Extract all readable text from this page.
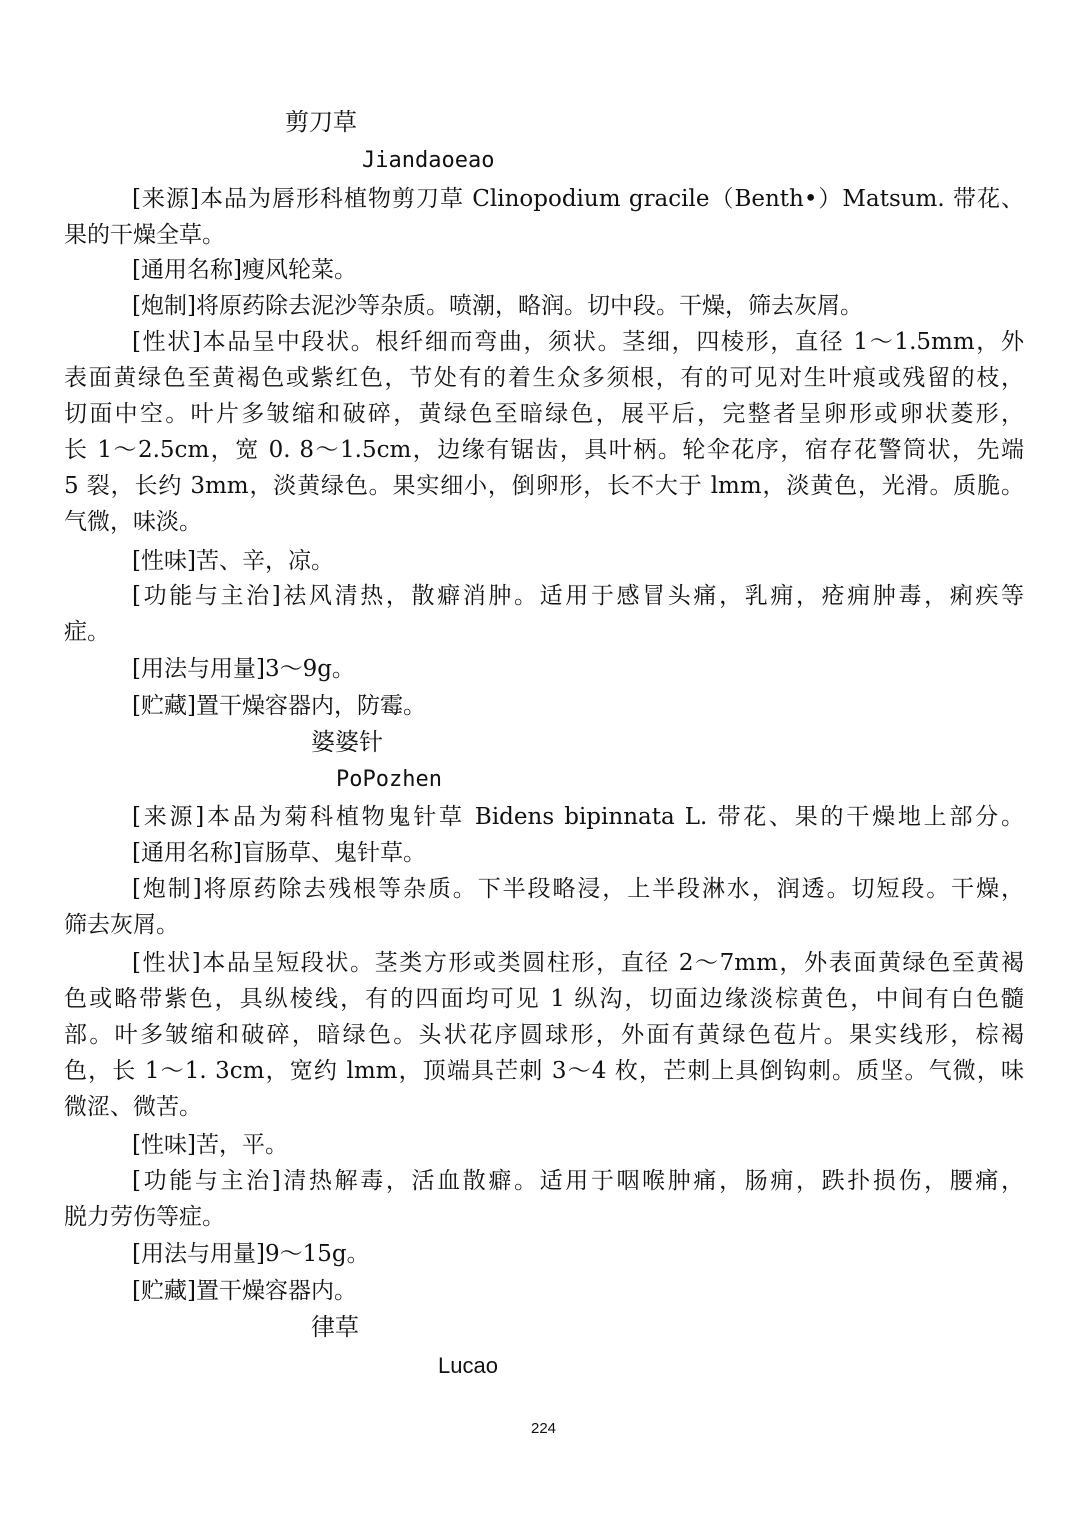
剪刀草

Jiandaoeao

[来源]本品为唇形科植物剪刀草 Clinopodium gracile（Benth•）Matsum. 带花、

果的干燥全草。

[通用名称]瘦风轮菜。

[炮制]将原药除去泥沙等杂质。喷潮，略润。切中段。干燥，筛去灰屑。

[性状]本品呈中段状。根纤细而弯曲，须状。茎细，四棱形，直径 1～1.5mm，外

表面黄绿色至黄褐色或紫红色，节处有的着生众多须根，有的可见对生叶痕或残留的枝，

切面中空。叶片多皱缩和破碎，黄绿色至暗绿色，展平后，完整者呈卵形或卵状菱形，

长 1～2.5cm，宽 0. 8～1.5cm，边缘有锯齿，具叶柄。轮伞花序，宿存花警筒状，先端

5 裂，长约 3mm，淡黄绿色。果实细小，倒卵形，长不大于 lmm，淡黄色，光滑。质脆。

气微，味淡。

[性味]苦、辛，凉。

[功能与主治]祛风清热，散癖消肿。适用于感冒头痛，乳痈，疮痈肿毒，痢疾等

症。

[用法与用量]3～9g。

[贮藏]置干燥容器内，防霉。

婆婆针

PoPozhen

[来源]本品为菊科植物鬼针草 Bidens bipinnata L. 带花、果的干燥地上部分。

[通用名称]盲肠草、鬼针草。

[炮制]将原药除去残根等杂质。下半段略浸，上半段淋水，润透。切短段。干燥，

筛去灰屑。

[性状]本品呈短段状。茎类方形或类圆柱形，直径 2～7mm，外表面黄绿色至黄褐

色或略带紫色，具纵棱线，有的四面均可见 1 纵沟，切面边缘淡棕黄色，中间有白色髓

部。叶多皱缩和破碎，暗绿色。头状花序圆球形，外面有黄绿色苞片。果实线形，棕褐

色，长 1～1. 3cm，宽约 lmm，顶端具芒刺 3～4 枚，芒刺上具倒钩刺。质坚。气微，味

微涩、微苦。

[性味]苦，平。

[功能与主治]清热解毒，活血散癖。适用于咽喉肿痛，肠痈，跌扑损伤，腰痛，

脱力劳伤等症。

[用法与用量]9～15g。

[贮藏]置干燥容器内。

律草

Lucao

224
